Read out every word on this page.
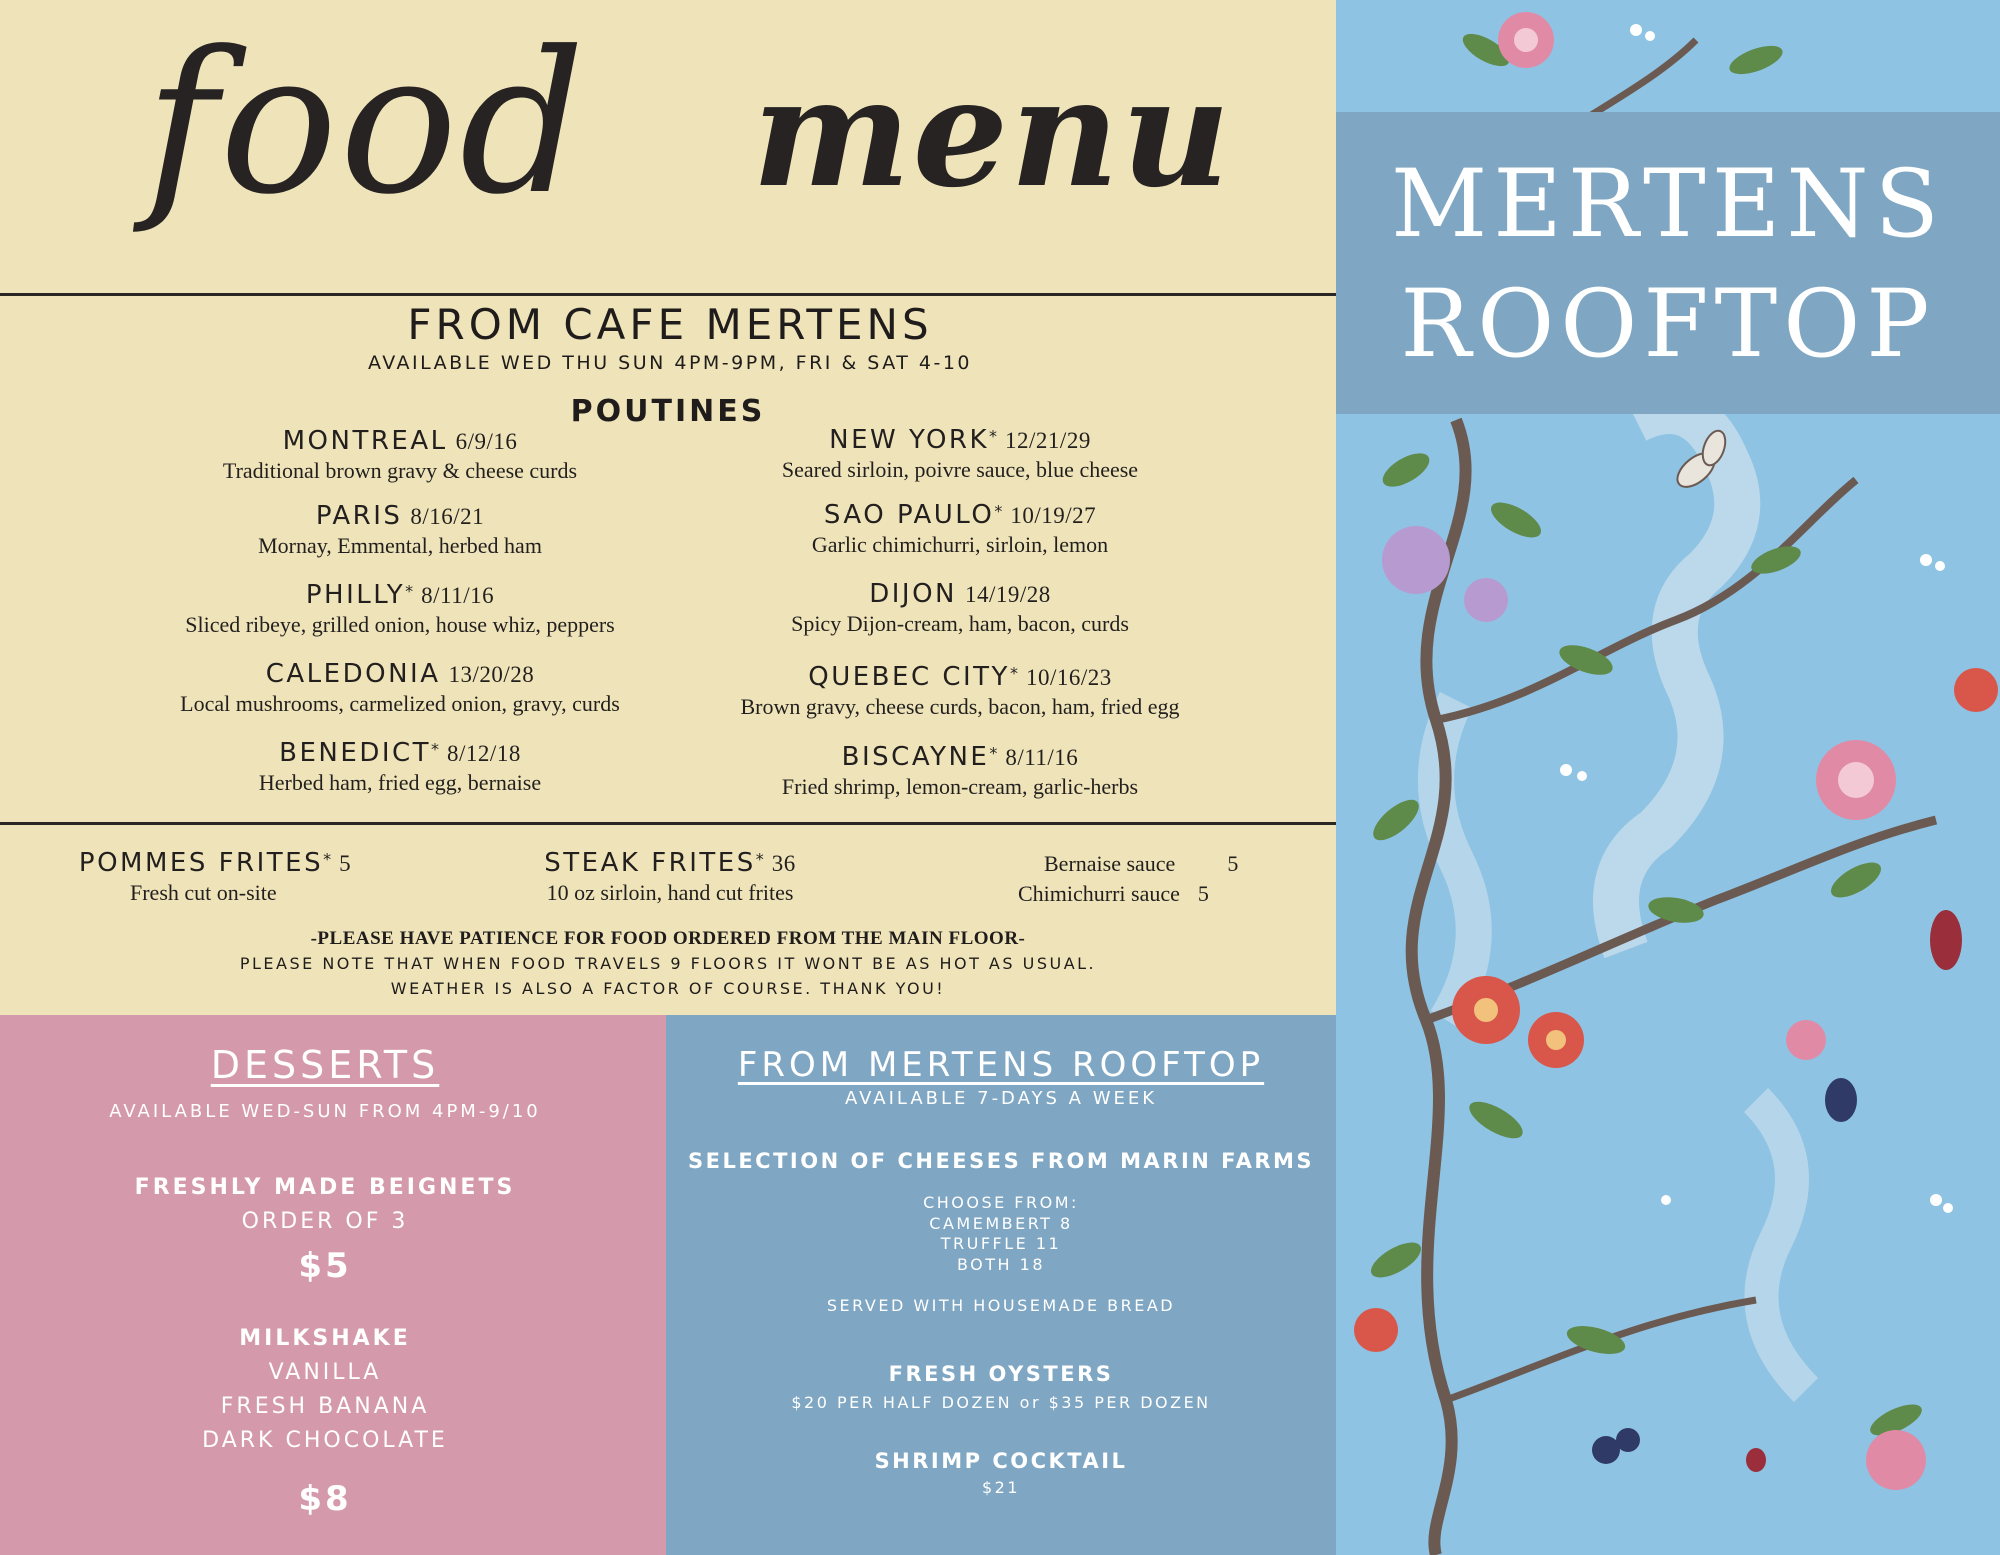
food menu
FROM CAFE MERTENS
AVAILABLE WED THU SUN 4PM-9PM, FRI & SAT 4-10
POUTINES
MONTREAL 6/9/16
Traditional brown gravy & cheese curds
PARIS 8/16/21
Mornay, Emmental, herbed ham
PHILLY* 8/11/16
Sliced ribeye, grilled onion, house whiz, peppers
CALEDONIA 13/20/28
Local mushrooms, carmelized onion, gravy, curds
BENEDICT* 8/12/18
Herbed ham, fried egg, bernaise
NEW YORK* 12/21/29
Seared sirloin, poivre sauce, blue cheese
SAO PAULO* 10/19/27
Garlic chimichurri, sirloin, lemon
DIJON 14/19/28
Spicy Dijon-cream, ham, bacon, curds
QUEBEC CITY* 10/16/23
Brown gravy, cheese curds, bacon, ham, fried egg
BISCAYNE* 8/11/16
Fried shrimp, lemon-cream, garlic-herbs
POMMES FRITES* 5
Fresh cut on-site
STEAK FRITES* 36
10 oz sirloin, hand cut frites
Bernaise sauce 5
Chimichurri sauce 5
-PLEASE HAVE PATIENCE FOR FOOD ORDERED FROM THE MAIN FLOOR-
PLEASE NOTE THAT WHEN FOOD TRAVELS 9 FLOORS IT WONT BE AS HOT AS USUAL.
WEATHER IS ALSO A FACTOR OF COURSE. THANK YOU!
DESSERTS
AVAILABLE WED-SUN FROM 4PM-9/10
FRESHLY MADE BEIGNETS
ORDER OF 3
$5
MILKSHAKE
VANILLA
FRESH BANANA
DARK CHOCOLATE
$8
FROM MERTENS ROOFTOP
AVAILABLE 7-DAYS A WEEK
SELECTION OF CHEESES FROM MARIN FARMS
CHOOSE FROM:
CAMEMBERT 8
TRUFFLE 11
BOTH 18
SERVED WITH HOUSEMADE BREAD
FRESH OYSTERS
$20 PER HALF DOZEN or $35 PER DOZEN
SHRIMP COCKTAIL
$21
MERTENS
ROOFTOP
